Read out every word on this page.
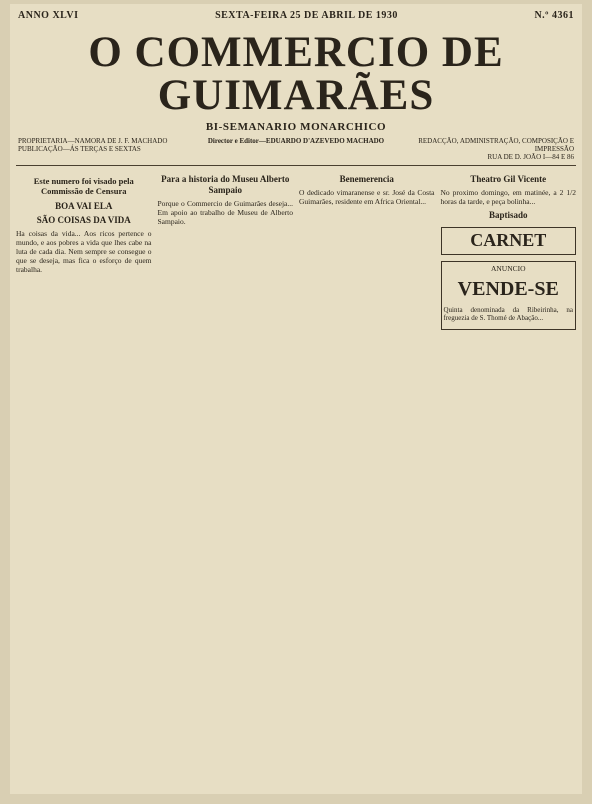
ANNO XLVI	SEXTA-FEIRA 25 DE ABRIL DE 1930	N.º 4361
O COMMERCIO DE GUIMARÃES
BI-SEMANARIO MONARCHICO
PROPRIETARIA—NAMORA DE J. F. MACHADO
PUBLICAÇÃO—ÁS TERÇAS E SEXTAS
Director e Editor—EDUARDO D'AZEVEDO MACHADO	REDACÇÃO, ADMINISTRAÇÃO, COMPOSIÇÃO E IMPRESSÃO
RUA DE D. JOÃO I—84 E 86
Este numero foi visado pela Commissão de Censura
BOA VAI ELA
SÃO COISAS DA VIDA

Ha coisas da vida... Aos ricos pertence o mundo, e aos pobres a vida que lhes cabe na luta de cada dia. Nem sempre se consegue o que se deseja, mas fica o esforço de quem trabalha.

Para a historia do Museu Alberto Sampaio

Porque o Commercio de Guimarães deseja... Em apoio ao trabalho de Museu de Alberto Sampaio.

Benemerencia

O dedicado vimaranense e sr. José da Costa Guimarães, residente em Africa Oriental...

Theatro Gil Vicente

No proximo domingo, em matinée, a 2 1/2 horas da tarde, e peça bolinha...

Baptisado
CARNET
ANUNCIO
VENDE-SE

Quinta denominada da Ribeirinha, na freguezia de S. Thomé de Abação...
